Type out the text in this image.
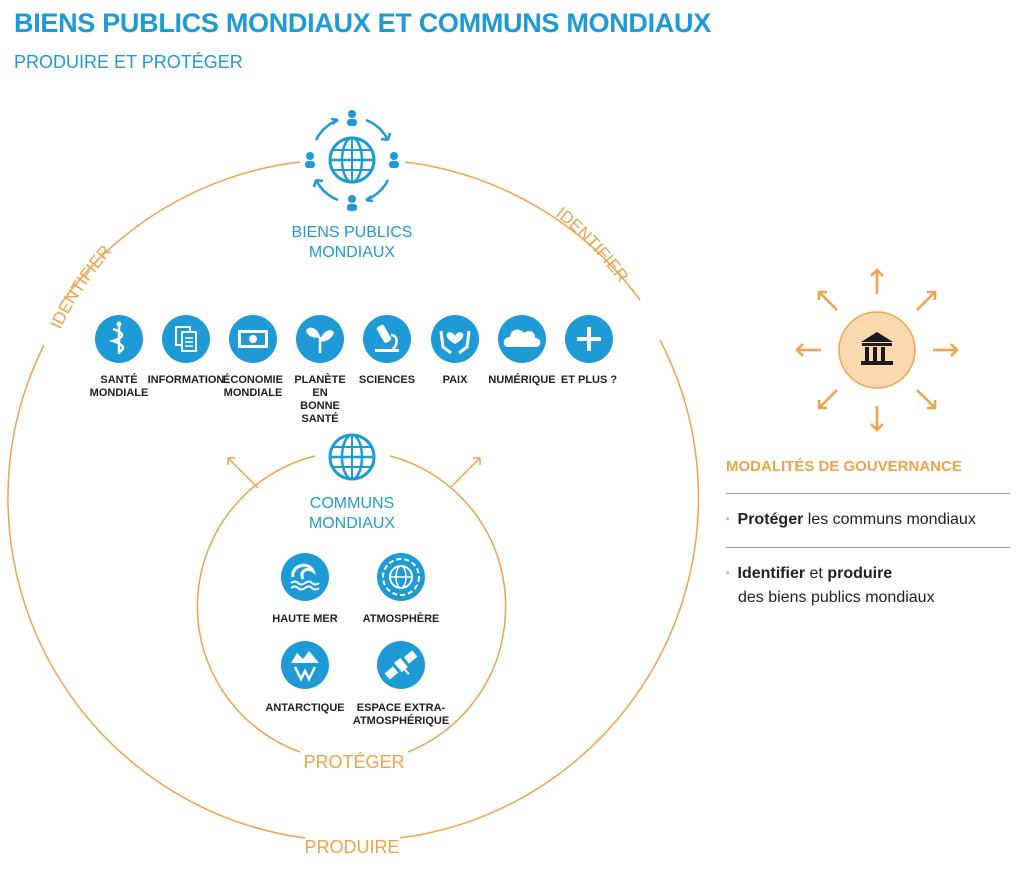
BIENS PUBLICS MONDIAUX ET COMMUNS MONDIAUX
PRODUIRE ET PROTÉGER
IDENTIFIER
IDENTIFIER
PRODUIRE
PROTÉGER
BIENS PUBLICS
MONDIAUX
COMMUNS
MONDIAUX
SANTÉ
MONDIALE
INFORMATION
ÉCONOMIE
MONDIALE
PLANÈTE
EN
BONNE
SANTÉ
SCIENCES	PAIX	NUMÉRIQUE ET PLUS ?
HAUTE MER	ATMOSPHÈRE
ANTARCTIQUE	ESPACE EXTRA-
ATMOSPHÉRIQUE
MODALITÉS DE GOUVERNANCE
• Protéger les communs mondiaux
• Identifier et produire
des biens publics mondiaux
